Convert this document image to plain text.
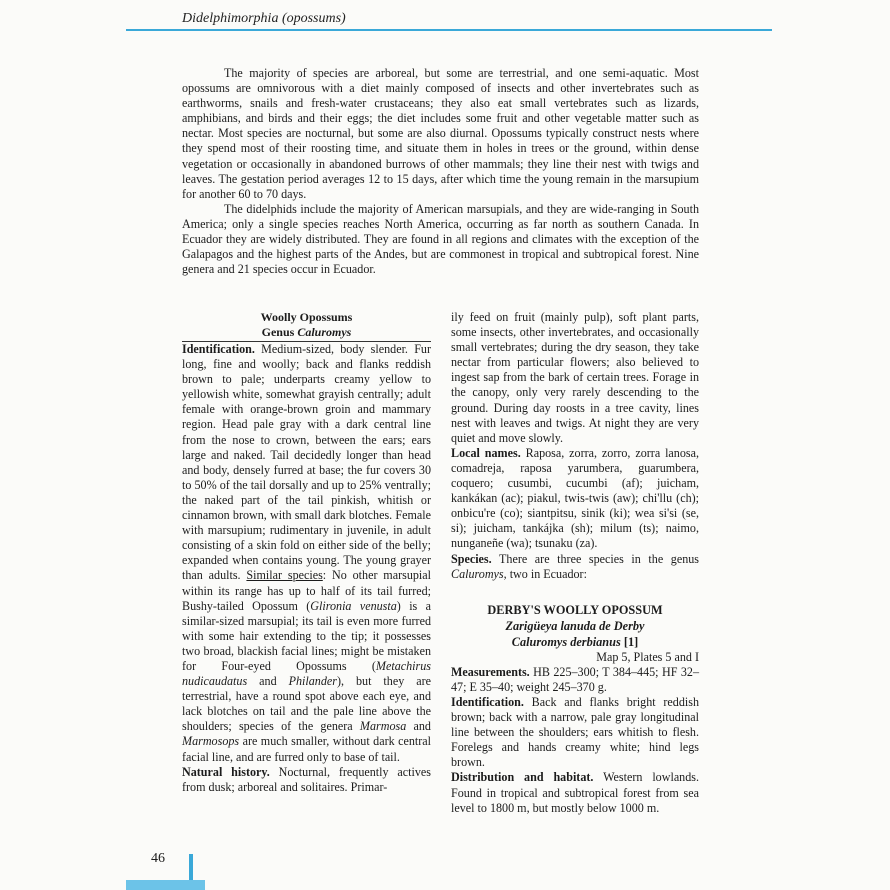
Didelphimorphia (opossums)

The majority of species are arboreal, but some are terrestrial, and one semi-aquatic. Most opossums are omnivorous with a diet mainly composed of insects and other invertebrates such as earthworms, snails and fresh-water crustaceans; they also eat small vertebrates such as lizards, amphibians, and birds and their eggs; the diet includes some fruit and other vegetable matter such as nectar. Most species are nocturnal, but some are also diurnal. Opossums typically construct nests where they spend most of their roosting time, and situate them in holes in trees or the ground, within dense vegetation or occasionally in abandoned burrows of other mammals; they line their nest with twigs and leaves. The gestation period averages 12 to 15 days, after which time the young remain in the marsupium for another 60 to 70 days.

The didelphids include the majority of American marsupials, and they are wide-ranging in South America; only a single species reaches North America, occurring as far north as southern Canada. In Ecuador they are widely distributed. They are found in all regions and climates with the exception of the Galapagos and the highest parts of the Andes, but are commonest in tropical and subtropical forest. Nine genera and 21 species occur in Ecuador.

Woolly Opossums
Genus Caluromys

Identification. Medium-sized, body slender. Fur long, fine and woolly; back and flanks reddish brown to pale; underparts creamy yellow to yellowish white, somewhat grayish centrally; adult female with orange-brown groin and mammary region. Head pale gray with a dark central line from the nose to crown, between the ears; ears large and naked. Tail decidedly longer than head and body, densely furred at base; the fur covers 30 to 50% of the tail dorsally and up to 25% ventrally; the naked part of the tail pinkish, whitish or cinnamon brown, with small dark blotches. Female with marsupium; rudimentary in juvenile, in adult consisting of a skin fold on either side of the belly; expanded when contains young. The young grayer than adults. Similar species: No other marsupial within its range has up to half of its tail furred; Bushy-tailed Opossum (Glironia venusta) is a similar-sized marsupial; its tail is even more furred with some hair extending to the tip; it possesses two broad, blackish facial lines; might be mistaken for Four-eyed Opossums (Metachirus nudicaudatus and Philander), but they are terrestrial, have a round spot above each eye, and lack blotches on tail and the pale line above the shoulders; species of the genera Marmosa and Marmosops are much smaller, without dark central facial line, and are furred only to base of tail.

Natural history. Nocturnal, frequently actives from dusk; arboreal and solitaires. Primar-

ily feed on fruit (mainly pulp), soft plant parts, some insects, other invertebrates, and occasionally small vertebrates; during the dry season, they take nectar from particular flowers; also believed to ingest sap from the bark of certain trees. Forage in the canopy, only very rarely descending to the ground. During day roosts in a tree cavity, lines nest with leaves and twigs. At night they are very quiet and move slowly.

Local names. Raposa, zorra, zorro, zorra lanosa, comadreja, raposa yarumbera, guarumbera, coquero; cusumbi, cucumbi (af); juicham, kankákan (ac); piakul, twis-twis (aw); chi'llu (ch); onbicu're (co); siantpitsu, sinik (ki); wea si'si (se, si); juicham, tankájka (sh); milum (ts); naimo, nunganeñe (wa); tsunaku (za).

Species. There are three species in the genus Caluromys, two in Ecuador:

DERBY'S WOOLLY OPOSSUM
Zarigüeya lanuda de Derby
Caluromys derbianus [1]

Map 5, Plates 5 and I

Measurements. HB 225–300; T 384–445; HF 32–47; E 35–40; weight 245–370 g.

Identification. Back and flanks bright reddish brown; back with a narrow, pale gray longitudinal line between the shoulders; ears whitish to flesh. Forelegs and hands creamy white; hind legs brown.

Distribution and habitat. Western lowlands. Found in tropical and subtropical forest from sea level to 1800 m, but mostly below 1000 m.

46
